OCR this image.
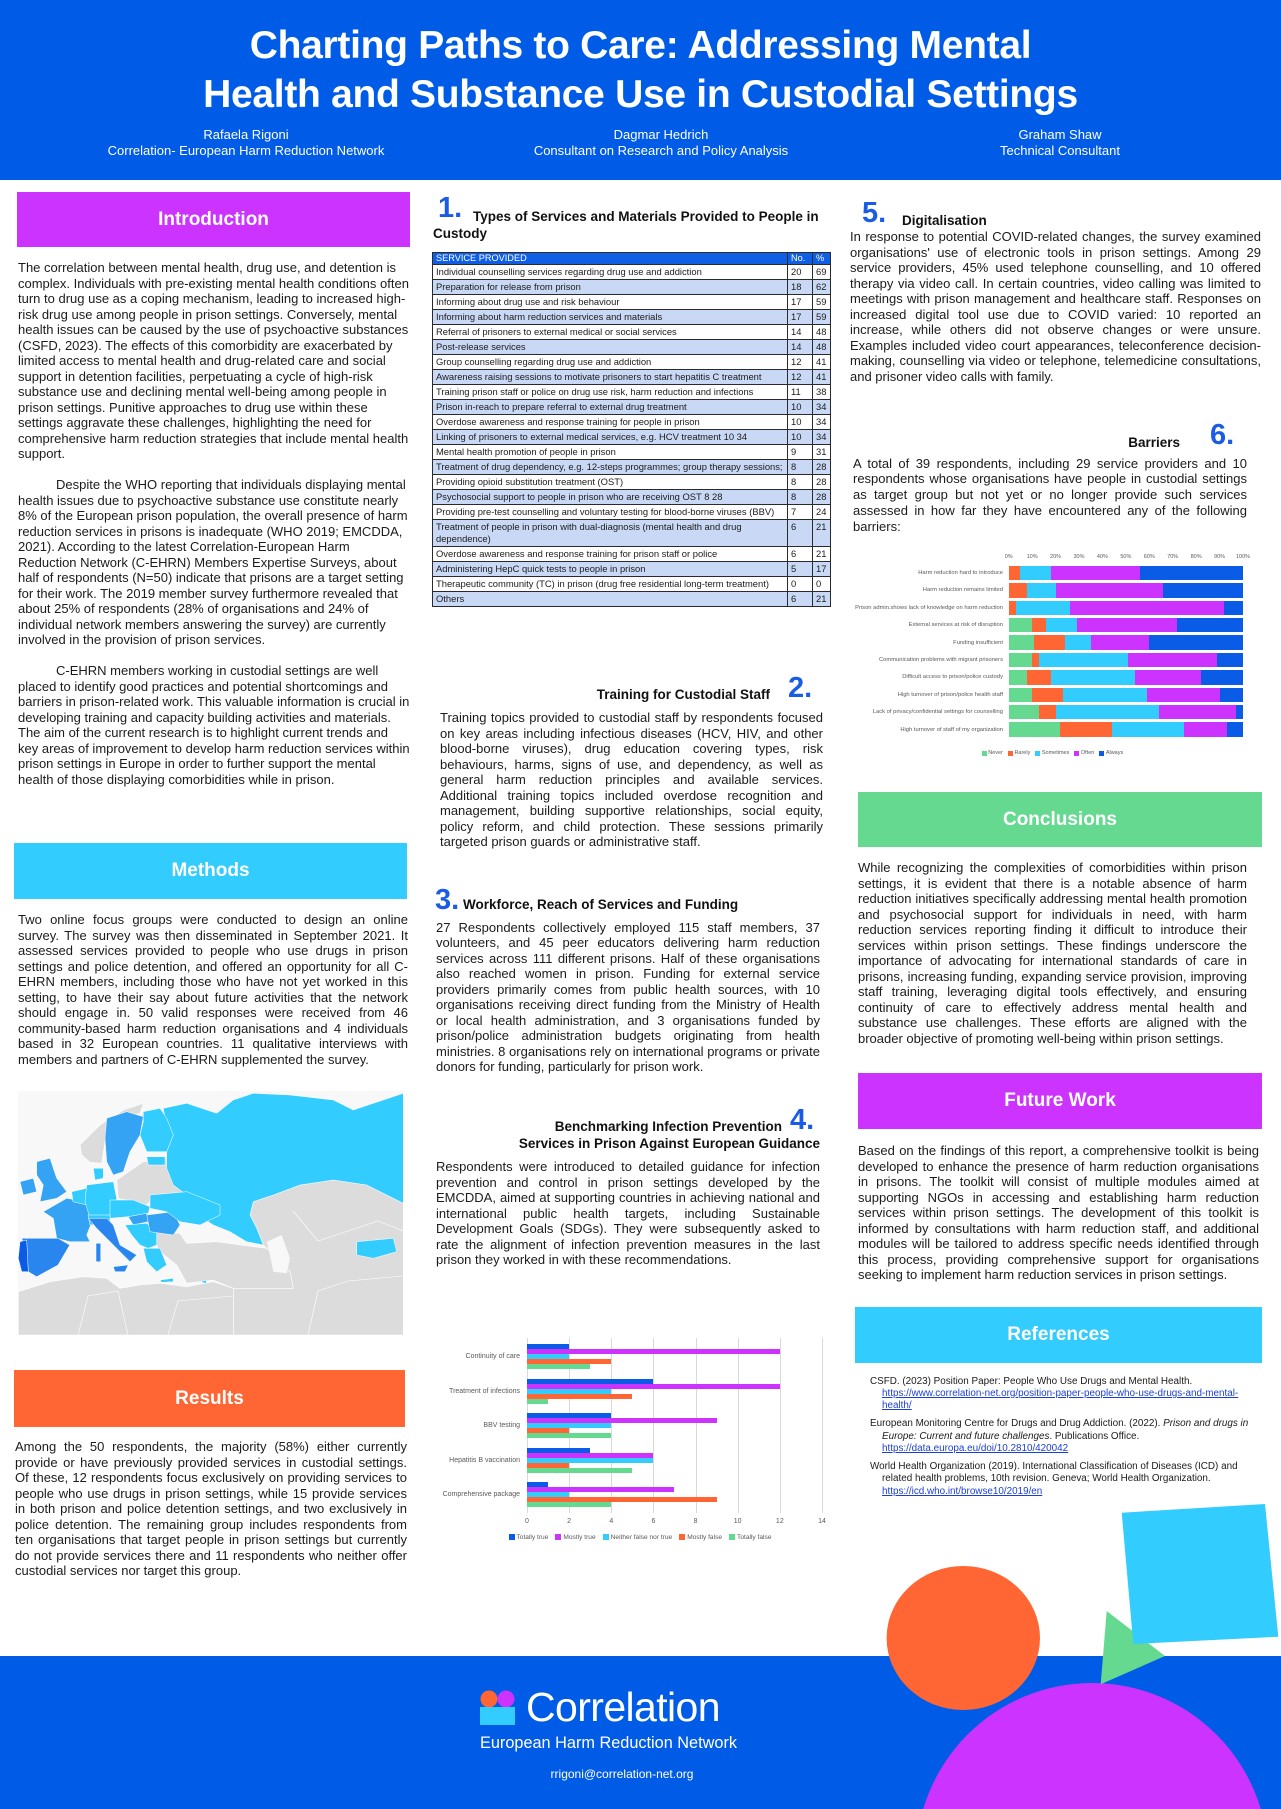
Charting Paths to Care: Addressing Mental
Health and Substance Use in Custodial Settings
Rafaela Rigoni
Correlation- European Harm Reduction Network
Dagmar Hedrich
Consultant on Research and Policy Analysis
Graham Shaw
Technical Consultant
Introduction

The correlation between mental health, drug use, and detention is complex. Individuals with pre-existing mental health conditions often turn to drug use as a coping mechanism, leading to increased high-risk drug use among people in prison settings. Conversely, mental health issues can be caused by the use of psychoactive substances (CSFD, 2023). The effects of this comorbidity are exacerbated by limited access to mental health and drug-related care and social support in detention facilities, perpetuating a cycle of high-risk substance use and declining mental well-being among people in prison settings. Punitive approaches to drug use within these settings aggravate these challenges, highlighting the need for comprehensive harm reduction strategies that include mental health support.

Despite the WHO reporting that individuals displaying mental health issues due to psychoactive substance use constitute nearly 8% of the European prison population, the overall presence of harm reduction services in prisons is inadequate (WHO 2019; EMCDDA, 2021). According to the latest Correlation-European Harm Reduction Network (C-EHRN) Members Expertise Surveys, about half of respondents (N=50) indicate that prisons are a target setting for their work. The 2019 member survey furthermore revealed that about 25% of respondents (28% of organisations and 24% of individual network members answering the survey) are currently involved in the provision of prison services.

C-EHRN members working in custodial settings are well placed to identify good practices and potential shortcomings and barriers in prison-related work. This valuable information is crucial in developing training and capacity building activities and materials. The aim of the current research is to highlight current trends and key areas of improvement to develop harm reduction services within prison settings in Europe in order to further support the mental health of those displaying comorbidities while in prison.

Methods
Two online focus groups were conducted to design an online survey. The survey was then disseminated in September 2021. It assessed services provided to people who use drugs in prison settings and police detention, and offered an opportunity for all C-EHRN members, including those who have not yet worked in this setting, to have their say about future activities that the network should engage in. 50 valid responses were received from 46 community-based harm reduction organisations and 4 individuals based in 32 European countries. 11 qualitative interviews with members and partners of C-EHRN supplemented the survey.
Results
Among the 50 respondents, the majority (58%) either currently provide or have previously provided services in custodial settings. Of these, 12 respondents focus exclusively on providing services to people who use drugs in prison settings, while 15 provide services in both prison and police detention settings, and two exclusively in police detention. The remaining group includes respondents from ten organisations that target people in prison settings but currently do not provide services there and 11 respondents who neither offer custodial services nor target this group.
1. Types of Services and Materials Provided to People in Custody
SERVICE PROVIDED	No.	%
Individual counselling services regarding drug use and addiction	20	69
Preparation for release from prison	18	62
Informing about drug use and risk behaviour	17	59
Informing about harm reduction services and materials	17	59
Referral of prisoners to external medical or social services	14	48
Post-release services	14	48
Group counselling regarding drug use and addiction	12	41
Awareness raising sessions to motivate prisoners to start hepatitis C treatment	12	41
Training prison staff or police on drug use risk, harm reduction and infections	11	38
Prison in-reach to prepare referral to external drug treatment	10	34
Overdose awareness and response training for people in prison	10	34
Linking of prisoners to external medical services, e.g. HCV treatment 10 34	10	34
Mental health promotion of people in prison	9	31
Treatment of drug dependency, e.g. 12-steps programmes; group therapy sessions;	8	28
Providing opioid substitution treatment (OST)	8	28
Psychosocial support to people in prison who are receiving OST 8 28	8	28
Providing pre-test counselling and voluntary testing for blood-borne viruses (BBV)	7	24
Treatment of people in prison with dual-diagnosis (mental health and drug dependence)	6	21
Overdose awareness and response training for prison staff or police	6	21
Administering HepC quick tests to people in prison	5	17
Therapeutic community (TC) in prison (drug free residential long-term treatment)	0	0
Others	6	21
Training for Custodial Staff 2.
Training topics provided to custodial staff by respondents focused on key areas including infectious diseases (HCV, HIV, and other blood-borne viruses), drug education covering types, risk behaviours, harms, signs of use, and dependency, as well as general harm reduction principles and available services. Additional training topics included overdose recognition and management, building supportive relationships, social equity, policy reform, and child protection. These sessions primarily targeted prison guards or administrative staff.
3. Workforce, Reach of Services and Funding
27 Respondents collectively employed 115 staff members, 37 volunteers, and 45 peer educators delivering harm reduction services across 111 different prisons. Half of these organisations also reached women in prison. Funding for external service providers primarily comes from public health sources, with 10 organisations receiving direct funding from the Ministry of Health or local health administration, and 3 organisations funded by prison/police administration budgets originating from health ministries. 8 organisations rely on international programs or private donors for funding, particularly for prison work.
Benchmarking Infection Prevention 4.
Services in Prison Against European Guidance
Respondents were introduced to detailed guidance for infection prevention and control in prison settings developed by the EMCDDA, aimed at supporting countries in achieving national and international public health targets, including Sustainable Development Goals (SDGs). They were subsequently asked to rate the alignment of infection prevention measures in the last prison they worked in with these recommendations.
0	2	4	6	8	10	12	14
Continuity of care
Treatment of infections
BBV testing
Hepatitis B vaccination
Comprehensive package
Totally true Mostly true Neither false nor true Mostly false Totally false
5. Digitalisation
In response to potential COVID-related changes, the survey examined organisations' use of electronic tools in prison settings. Among 29 service providers, 45% used telephone counselling, and 10 offered therapy via video call. In certain countries, video calling was limited to meetings with prison management and healthcare staff. Responses on increased digital tool use due to COVID varied: 10 reported an increase, while others did not observe changes or were unsure. Examples included video court appearances, teleconference decision-making, counselling via video or telephone, telemedicine consultations, and prisoner video calls with family.
Barriers 6.
A total of 39 respondents, including 29 service providers and 10 respondents whose organisations have people in custodial settings as target group but not yet or no longer provide such services assessed in how far they have encountered any of the following barriers:
0%	10%	20%	30%	40%	50%	60%	70%	80%	90%	100%
Harm reduction hard to introduce
Harm reduction remains limited
Prison admin.shows lack of knowledge on harm reduction
External services at risk of disruption
Funding insufficient
Communication problems with migrant prisoners
Difficult access to prison/police custody
High turnover of prison/police health staff
Lack of privacy/confidential settings for counselling
High turnover of staff of my organization
Never Rarely Sometimes Often Always
Conclusions
While recognizing the complexities of comorbidities within prison settings, it is evident that there is a notable absence of harm reduction initiatives specifically addressing mental health promotion and psychosocial support for individuals in need, with harm reduction services reporting finding it difficult to introduce their services within prison settings. These findings underscore the importance of advocating for international standards of care in prisons, increasing funding, expanding service provision, improving staff training, leveraging digital tools effectively, and ensuring continuity of care to effectively address mental health and substance use challenges. These efforts are aligned with the broader objective of promoting well-being within prison settings.
Future Work
Based on the findings of this report, a comprehensive toolkit is being developed to enhance the presence of harm reduction organisations in prisons. The toolkit will consist of multiple modules aimed at supporting NGOs in accessing and establishing harm reduction services within prison settings. The development of this toolkit is informed by consultations with harm reduction staff, and additional modules will be tailored to address specific needs identified through this process, providing comprehensive support for organisations seeking to implement harm reduction services in prison settings.
References
CSFD. (2023) Position Paper: People Who Use Drugs and Mental Health. https://www.correlation-net.org/position-paper-people-who-use-drugs-and-mental-health/
European Monitoring Centre for Drugs and Drug Addiction. (2022). Prison and drugs in Europe: Current and future challenges. Publications Office. https://data.europa.eu/doi/10.2810/420042
World Health Organization (2019). International Classification of Diseases (ICD) and related health problems, 10th revision. Geneva; World Health Organization. https://icd.who.int/browse10/2019/en
Correlation
European Harm Reduction Network
rrigoni@correlation-net.org
